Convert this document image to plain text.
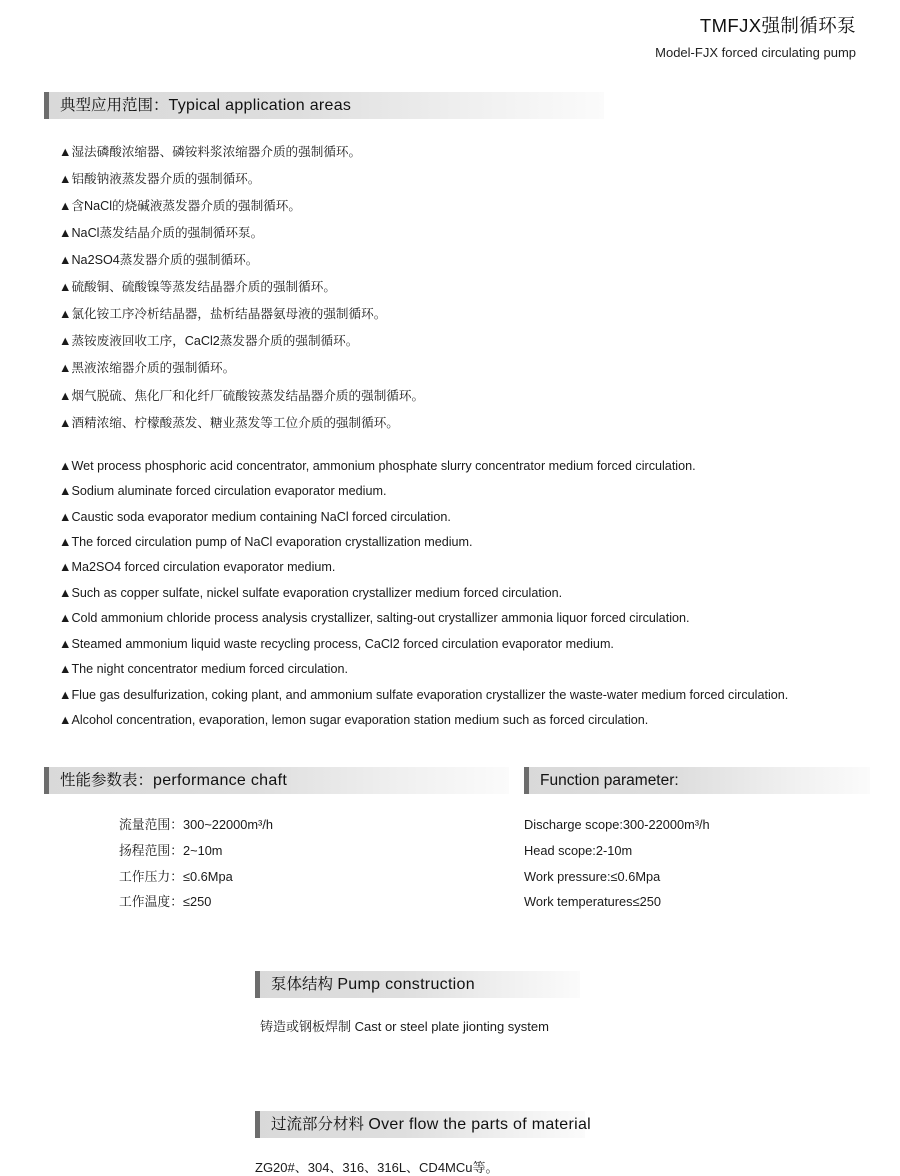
TMFJX强制循环泵
Model-FJX forced circulating pump
典型应用范围：Typical application areas
▲湿法磷酸浓缩器、磷铵料浆浓缩器介质的强制循环。
▲铝酸钠液蒸发器介质的强制循环。
▲含NaCl的烧碱液蒸发器介质的强制循环。
▲NaCl蒸发结晶介质的强制循环泵。
▲Na2SO4蒸发器介质的强制循环。
▲硫酸铜、硫酸镍等蒸发结晶器介质的强制循环。
▲氯化铵工序冷析结晶器，盐析结晶器氨母液的强制循环。
▲蒸铵废液回收工序，CaCl2蒸发器介质的强制循环。
▲黑液浓缩器介质的强制循环。
▲烟气脱硫、焦化厂和化纤厂硫酸铵蒸发结晶器介质的强制循环。
▲酒精浓缩、柠檬酸蒸发、糖业蒸发等工位介质的强制循环。
▲Wet process phosphoric acid concentrator, ammonium phosphate slurry concentrator medium forced circulation.
▲Sodium aluminate forced circulation evaporator medium.
▲Caustic soda evaporator medium containing NaCl forced circulation.
▲The forced circulation pump of NaCl evaporation crystallization medium.
▲Ma2SO4 forced circulation evaporator medium.
▲Such as copper sulfate, nickel sulfate evaporation crystallizer medium forced circulation.
▲Cold ammonium chloride process analysis crystallizer, salting-out crystallizer ammonia liquor forced circulation.
▲Steamed ammonium liquid waste recycling process, CaCl2 forced circulation evaporator medium.
▲The night concentrator medium forced circulation.
▲Flue gas desulfurization, coking plant, and ammonium sulfate evaporation crystallizer the waste-water medium forced circulation.
▲Alcohol concentration, evaporation, lemon sugar evaporation station medium such as forced circulation.
性能参数表：performance chaft
流量范围：300~22000m³/h
扬程范围：2~10m
工作压力：≤0.6Mpa
工作温度：≤250
Function parameter:
Discharge scope:300-22000m³/h
Head scope:2-10m
Work pressure:≤0.6Mpa
Work temperatures≤250
泵体结构 Pump construction
铸造或钢板焊制 Cast or steel plate jionting system
过流部分材料 Over flow the parts of material
ZG20#、304、316、316L、CD4MCu等。
